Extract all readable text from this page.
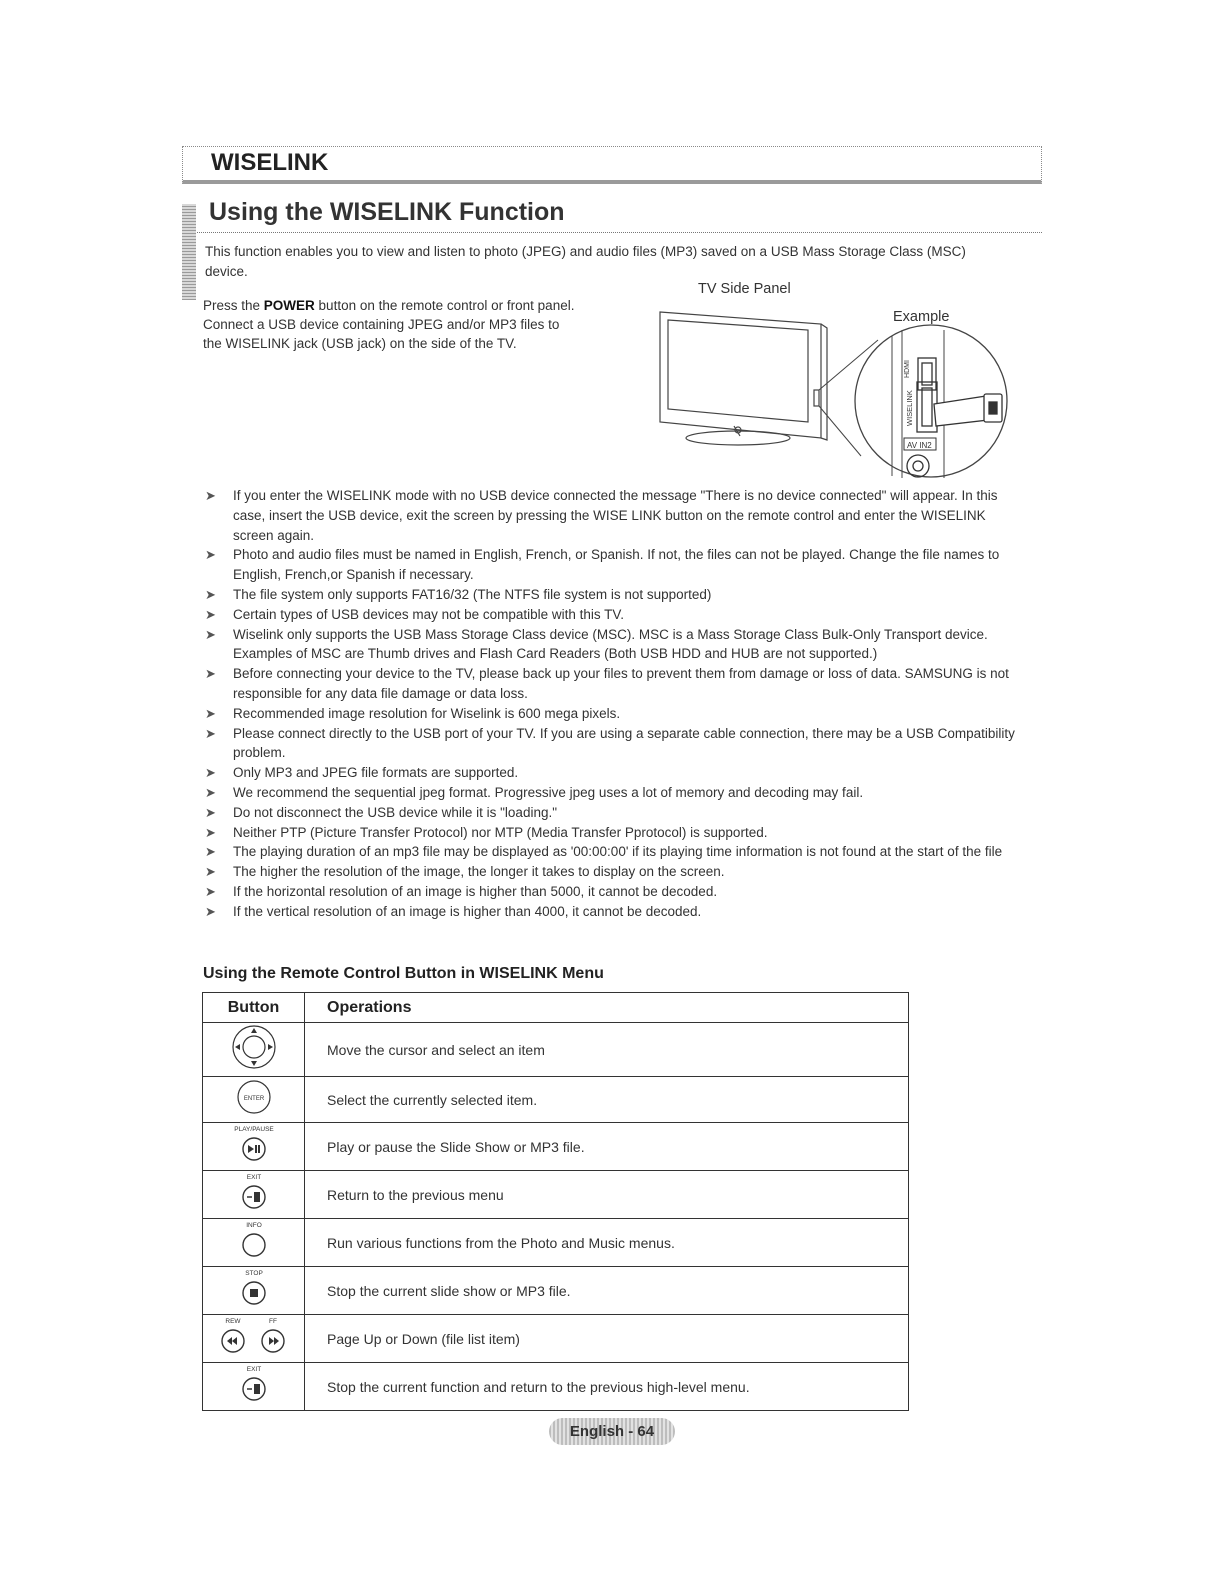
WISELINK
Using the WISELINK Function
This function enables you to view and listen to photo (JPEG) and audio files (MP3) saved on a USB Mass Storage Class (MSC) device.
Press the POWER button on the remote control or front panel. Connect a USB device containing JPEG and/or MP3 files to the WISELINK jack (USB jack) on the side of the TV.
TV Side Panel
Example
HDMI
WISELINK
AV IN2
➤ If you enter the WISELINK mode with no USB device connected the message "There is no device connected" will appear. In this case, insert the USB device, exit the screen by pressing the WISE LINK button on the remote control and enter the WISELINK screen again.
➤ Photo and audio files must be named in English, French, or Spanish. If not, the files can not be played. Change the file names to English, French,or Spanish if necessary.
➤ The file system only supports FAT16/32 (The NTFS file system is not supported)
➤ Certain types of USB devices may not be compatible with this TV.
➤ Wiselink only supports the USB Mass Storage Class device (MSC). MSC is a Mass Storage Class Bulk-Only Transport device. Examples of MSC are Thumb drives and Flash Card Readers (Both USB HDD and HUB are not supported.)
➤ Before connecting your device to the TV, please back up your files to prevent them from damage or loss of data. SAMSUNG is not responsible for any data file damage or data loss.
➤ Recommended image resolution for Wiselink is 600 mega pixels.
➤ Please connect directly to the USB port of your TV. If you are using a separate cable connection, there may be a USB Compatibility problem.
➤ Only MP3 and JPEG file formats are supported.
➤ We recommend the sequential jpeg format. Progressive jpeg uses a lot of memory and decoding may fail.
➤ Do not disconnect the USB device while it is "loading."
➤ Neither PTP (Picture Transfer Protocol) nor MTP (Media Transfer Pprotocol) is supported.
➤ The playing duration of an mp3 file may be displayed as '00:00:00' if its playing time information is not found at the start of the file
➤ The higher the resolution of the image, the longer it takes to display on the screen.
➤ If the horizontal resolution of an image is higher than 5000, it cannot be decoded.
➤ If the vertical resolution of an image is higher than 4000, it cannot be decoded.
Using the Remote Control Button in WISELINK Menu
Button	Operations
	Move the cursor and select an item

ENTER	Select the currently selected item.

PLAY/PAUSE	Play or pause the Slide Show or MP3 file.

EXIT	Return to the previous menu

INFO	Run various functions from the Photo and Music menus.

STOP	Stop the current slide show or MP3 file.

REW FF	Page Up or Down (file list item)

EXIT	Stop the current function and return to the previous high-level menu.
English - 64
